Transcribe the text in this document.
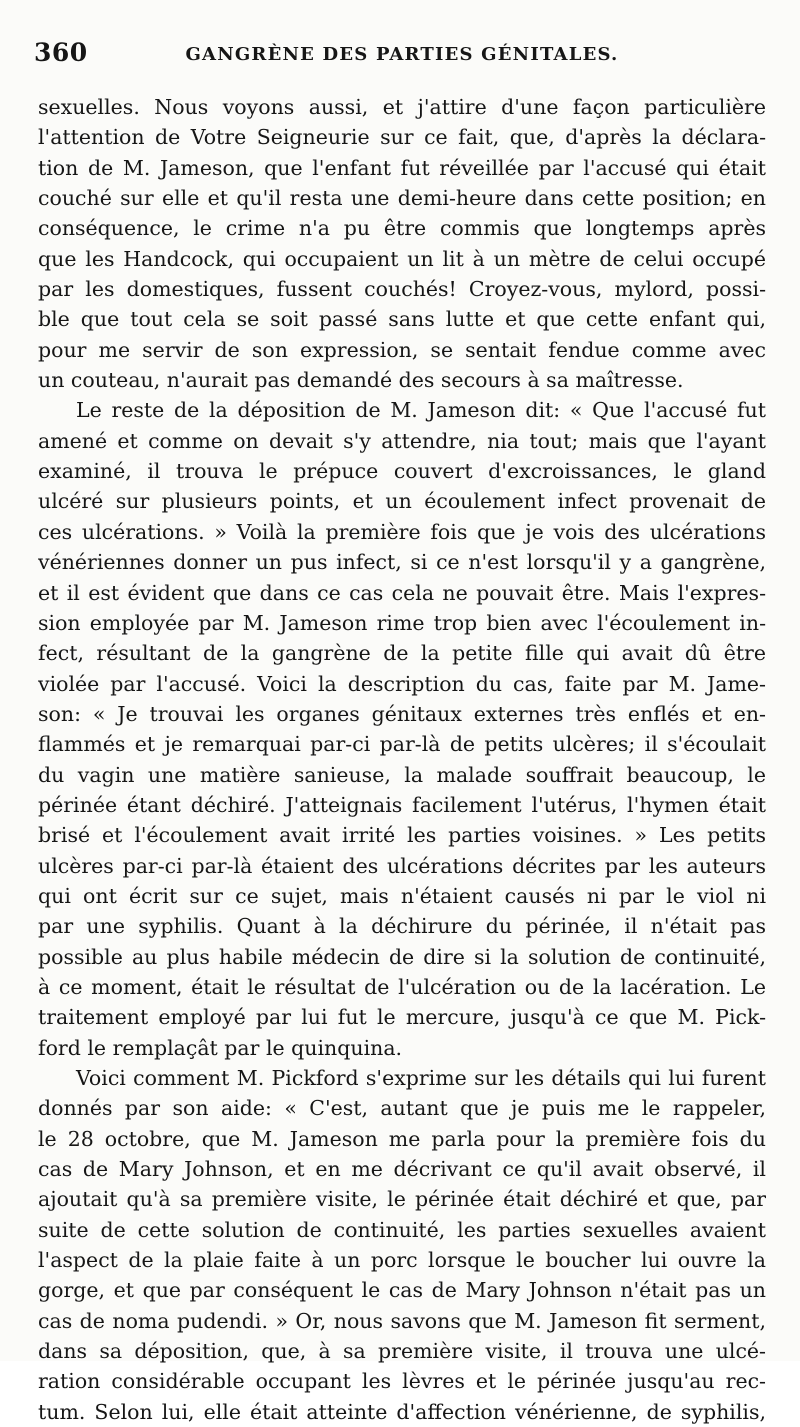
360	GANGRÈNE DES PARTIES GÉNITALES.
sexuelles. Nous voyons aussi, et j'attire d'une façon particulière
l'attention de Votre Seigneurie sur ce fait, que, d'après la déclara-
tion de M. Jameson, que l'enfant fut réveillée par l'accusé qui était
couché sur elle et qu'il resta une demi-heure dans cette position; en
conséquence, le crime n'a pu être commis que longtemps après
que les Handcock, qui occupaient un lit à un mètre de celui occupé
par les domestiques, fussent couchés! Croyez-vous, mylord, possi-
ble que tout cela se soit passé sans lutte et que cette enfant qui,
pour me servir de son expression, se sentait fendue comme avec
un couteau, n'aurait pas demandé des secours à sa maîtresse.
Le reste de la déposition de M. Jameson dit: « Que l'accusé fut
amené et comme on devait s'y attendre, nia tout; mais que l'ayant
examiné, il trouva le prépuce couvert d'excroissances, le gland
ulcéré sur plusieurs points, et un écoulement infect provenait de
ces ulcérations. » Voilà la première fois que je vois des ulcérations
vénériennes donner un pus infect, si ce n'est lorsqu'il y a gangrène,
et il est évident que dans ce cas cela ne pouvait être. Mais l'expres-
sion employée par M. Jameson rime trop bien avec l'écoulement in-
fect, résultant de la gangrène de la petite fille qui avait dû être
violée par l'accusé. Voici la description du cas, faite par M. Jame-
son: « Je trouvai les organes génitaux externes très enflés et en-
flammés et je remarquai par-ci par-là de petits ulcères; il s'écoulait
du vagin une matière sanieuse, la malade souffrait beaucoup, le
périnée étant déchiré. J'atteignais facilement l'utérus, l'hymen était
brisé et l'écoulement avait irrité les parties voisines. » Les petits
ulcères par-ci par-là étaient des ulcérations décrites par les auteurs
qui ont écrit sur ce sujet, mais n'étaient causés ni par le viol ni
par une syphilis. Quant à la déchirure du périnée, il n'était pas
possible au plus habile médecin de dire si la solution de continuité,
à ce moment, était le résultat de l'ulcération ou de la lacération. Le
traitement employé par lui fut le mercure, jusqu'à ce que M. Pick-
ford le remplaçât par le quinquina.
Voici comment M. Pickford s'exprime sur les détails qui lui furent
donnés par son aide: « C'est, autant que je puis me le rappeler,
le 28 octobre, que M. Jameson me parla pour la première fois du
cas de Mary Johnson, et en me décrivant ce qu'il avait observé, il
ajoutait qu'à sa première visite, le périnée était déchiré et que, par
suite de cette solution de continuité, les parties sexuelles avaient
l'aspect de la plaie faite à un porc lorsque le boucher lui ouvre la
gorge, et que par conséquent le cas de Mary Johnson n'était pas un
cas de noma pudendi. » Or, nous savons que M. Jameson fit serment,
dans sa déposition, que, à sa première visite, il trouva une ulcé-
ration considérable occupant les lèvres et le périnée jusqu'au rec-
tum. Selon lui, elle était atteinte d'affection vénérienne, de syphilis,
